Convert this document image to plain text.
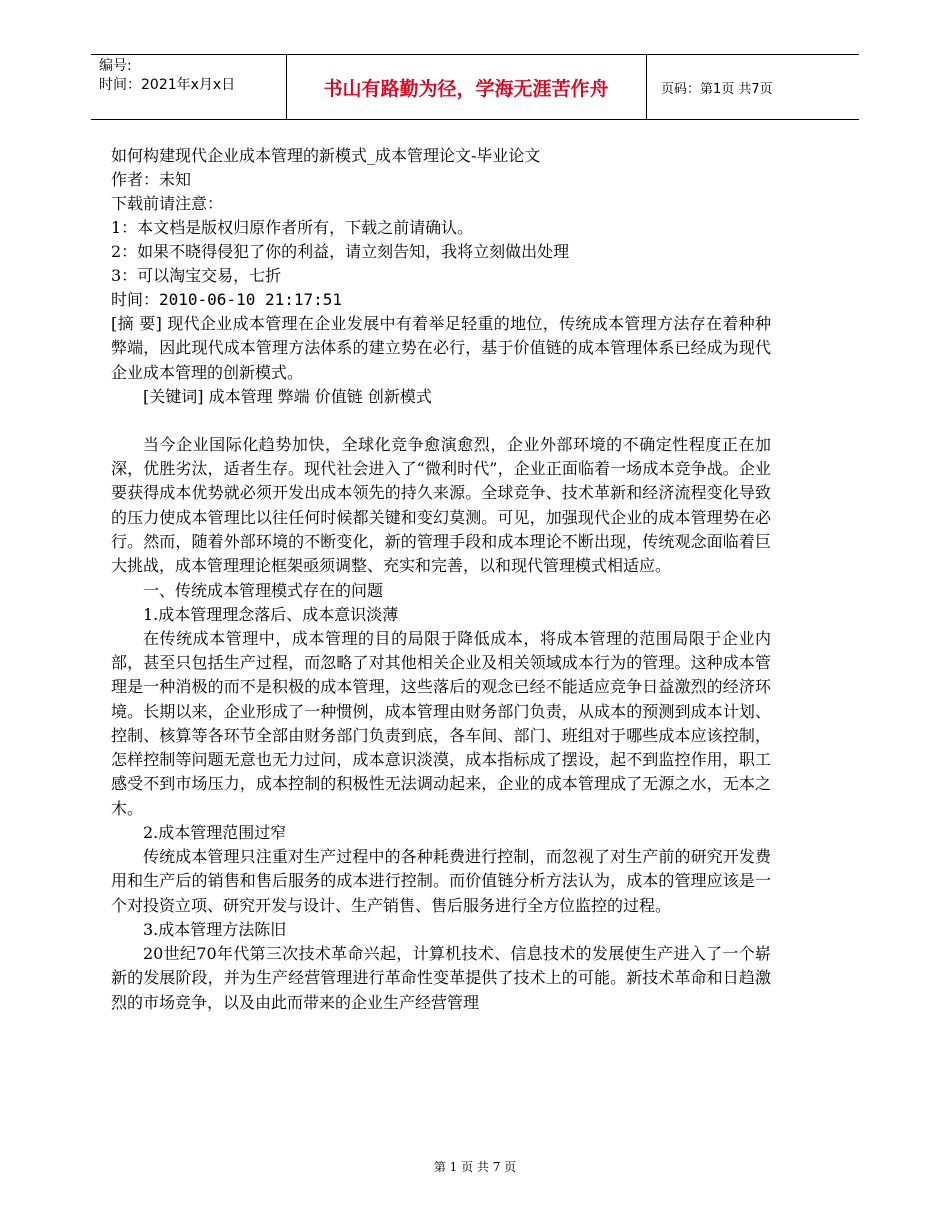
编号:
时间：2021年x月x日	书山有路勤为径，学海无涯苦作舟	页码：第1页 共7页
如何构建现代企业成本管理的新模式_成本管理论文-毕业论文
作者：未知
下载前请注意：
1：本文档是版权归原作者所有，下载之前请确认。
2：如果不晓得侵犯了你的利益，请立刻告知，我将立刻做出处理
3：可以淘宝交易，七折
时间：2010-06-10 21:17:51

[摘 要] 现代企业成本管理在企业发展中有着举足轻重的地位，传统成本管理方法存在着种种弊端，因此现代成本管理方法体系的建立势在必行，基于价值链的成本管理体系已经成为现代企业成本管理的创新模式。

[关键词] 成本管理 弊端 价值链 创新模式

当今企业国际化趋势加快，全球化竞争愈演愈烈，企业外部环境的不确定性程度正在加深，优胜劣汰，适者生存。现代社会进入了“微利时代”，企业正面临着一场成本竞争战。企业要获得成本优势就必须开发出成本领先的持久来源。全球竞争、技术革新和经济流程变化导致的压力使成本管理比以往任何时候都关键和变幻莫测。可见，加强现代企业的成本管理势在必行。然而，随着外部环境的不断变化，新的管理手段和成本理论不断出现，传统观念面临着巨大挑战，成本管理理论框架亟须调整、充实和完善，以和现代管理模式相适应。

一、传统成本管理模式存在的问题
1.成本管理理念落后、成本意识淡薄

在传统成本管理中，成本管理的目的局限于降低成本，将成本管理的范围局限于企业内部，甚至只包括生产过程，而忽略了对其他相关企业及相关领域成本行为的管理。这种成本管理是一种消极的而不是积极的成本管理，这些落后的观念已经不能适应竞争日益激烈的经济环境。长期以来，企业形成了一种惯例，成本管理由财务部门负责，从成本的预测到成本计划、控制、核算等各环节全部由财务部门负责到底，各车间、部门、班组对于哪些成本应该控制，怎样控制等问题无意也无力过问，成本意识淡漠，成本指标成了摆设，起不到监控作用，职工感受不到市场压力，成本控制的积极性无法调动起来，企业的成本管理成了无源之水，无本之木。

2.成本管理范围过窄

传统成本管理只注重对生产过程中的各种耗费进行控制，而忽视了对生产前的研究开发费用和生产后的销售和售后服务的成本进行控制。而价值链分析方法认为，成本的管理应该是一个对投资立项、研究开发与设计、生产销售、售后服务进行全方位监控的过程。

3.成本管理方法陈旧

20世纪70年代第三次技术革命兴起，计算机技术、信息技术的发展使生产进入了一个崭新的发展阶段，并为生产经营管理进行革命性变革提供了技术上的可能。新技术革命和日趋激烈的市场竞争，以及由此而带来的企业生产经营管理

第 1 页 共 7 页
